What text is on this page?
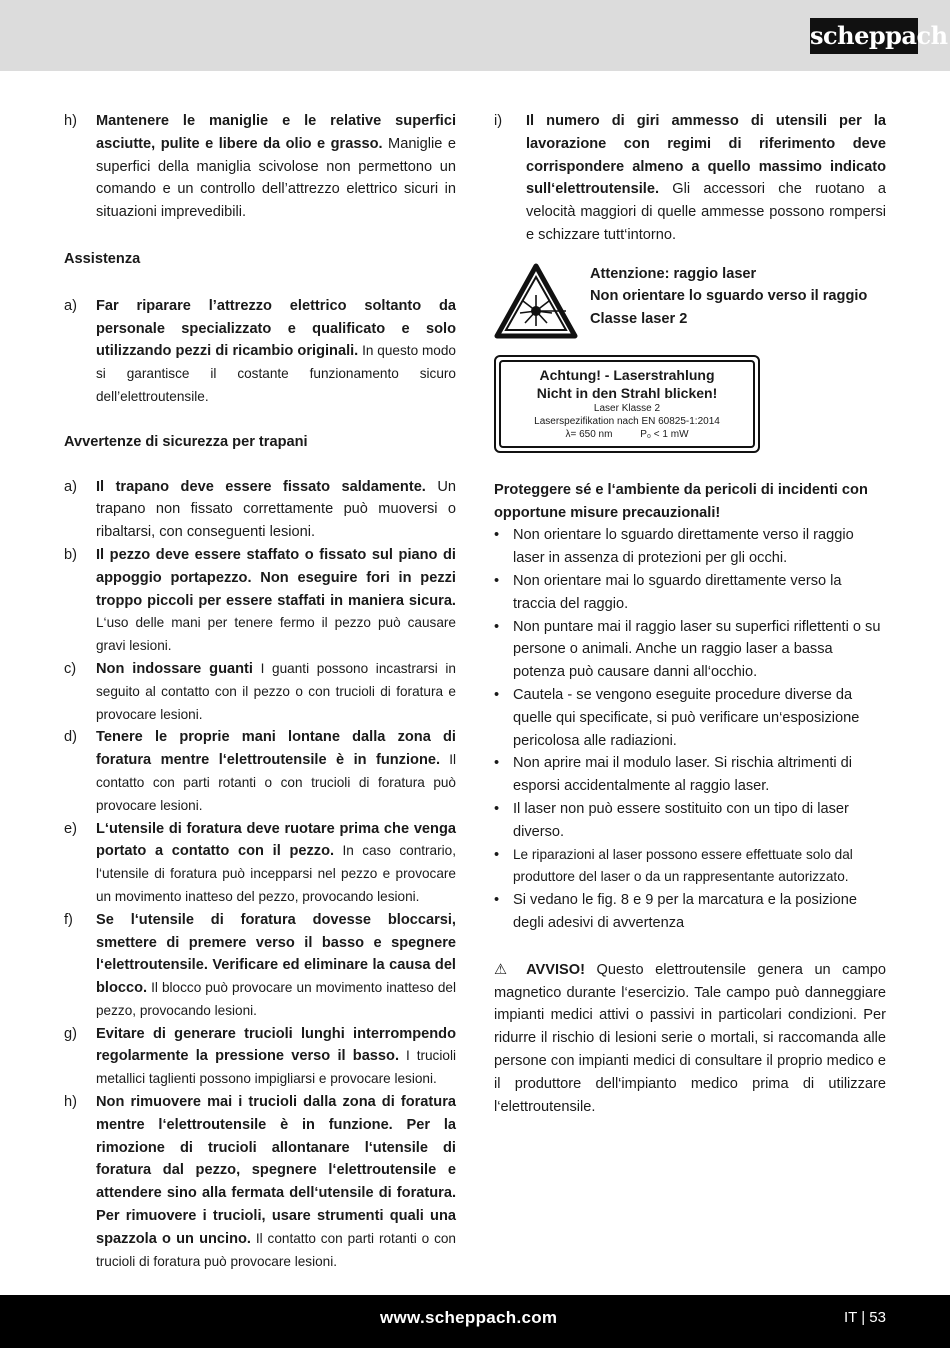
scheppach
h)	Mantenere le maniglie e le relative superfici asciutte, pulite e libere da olio e grasso. Maniglie e superfici della maniglia scivolose non permettono un comando e un controllo dell’attrezzo elettrico sicuri in situazioni imprevedibili.

Assistenza

a)	Far riparare l’attrezzo elettrico soltanto da personale specializzato e qualificato e solo utilizzando pezzi di ricambio originali. In questo modo si garantisce il costante funzionamento sicuro dell’elettroutensile.

Avvertenze di sicurezza per trapani

a)	Il trapano deve essere fissato saldamente. Un trapano non fissato correttamente può muoversi o ribaltarsi, con conseguenti lesioni.
b)	Il pezzo deve essere staffato o fissato sul piano di appoggio portapezzo. Non eseguire fori in pezzi troppo piccoli per essere staffati in maniera sicura. L‘uso delle mani per tenere fermo il pezzo può causare gravi lesioni.
c)	Non indossare guanti I guanti possono incastrarsi in seguito al contatto con il pezzo o con trucioli di foratura e provocare lesioni.
d)	Tenere le proprie mani lontane dalla zona di foratura mentre l‘elettroutensile è in funzione. Il contatto con parti rotanti o con trucioli di foratura può provocare lesioni.
e)	L‘utensile di foratura deve ruotare prima che venga portato a contatto con il pezzo. In caso contrario, l‘utensile di foratura può incepparsi nel pezzo e provocare un movimento inatteso del pezzo, provocando lesioni.
f)	Se l‘utensile di foratura dovesse bloccarsi, smettere di premere verso il basso e spegnere l‘elettroutensile. Verificare ed eliminare la causa del blocco. Il blocco può provocare un movimento inatteso del pezzo, provocando lesioni.
g)	Evitare di generare trucioli lunghi interrompendo regolarmente la pressione verso il basso. I trucioli metallici taglienti possono impigliarsi e provocare lesioni.
h)	Non rimuovere mai i trucioli dalla zona di foratura mentre l‘elettroutensile è in funzione. Per la rimozione di trucioli allontanare l‘utensile di foratura dal pezzo, spegnere l‘elettroutensile e attendere sino alla fermata dell‘utensile di foratura. Per rimuovere i trucioli, usare strumenti quali una spazzola o un uncino. Il contatto con parti rotanti o con trucioli di foratura può provocare lesioni.
i)	Il numero di giri ammesso di utensili per la lavorazione con regimi di riferimento deve corrispondere almeno a quello massimo indicato sull‘elettroutensile. Gli accessori che ruotano a velocità maggiori di quelle ammesse possono rompersi e schizzare tutt‘intorno.
Attenzione: raggio laser
Non orientare lo sguardo verso il raggio
Classe laser 2
Achtung! - Laserstrahlung
Nicht in den Strahl blicken!
Laser Klasse 2
Laserspezifikation nach EN 60825-1:2014
λ= 650 nm          P₀ < 1 mW

Proteggere sé e l‘ambiente da pericoli di incidenti con opportune misure precauzionali!

• Non orientare lo sguardo direttamente verso il raggio laser in assenza di protezioni per gli occhi.
• Non orientare mai lo sguardo direttamente verso la traccia del raggio.
• Non puntare mai il raggio laser su superfici riflettenti o su persone o animali. Anche un raggio laser a bassa potenza può causare danni all‘occhio.
• Cautela - se vengono eseguite procedure diverse da quelle qui specificate, si può verificare un‘esposizione pericolosa alle radiazioni.
• Non aprire mai il modulo laser. Si rischia altrimenti di esporsi accidentalmente al raggio laser.
• Il laser non può essere sostituito con un tipo di laser diverso.
•	Le riparazioni al laser possono essere effettuate solo dal produttore del laser o da un rappresentante autorizzato.
• Si vedano le fig. 8 e 9 per la marcatura e la posizione degli adesivi di avvertenza

⚠ AVVISO! Questo elettroutensile genera un campo magnetico durante l‘esercizio. Tale campo può danneggiare impianti medici attivi o passivi in particolari condizioni. Per ridurre il rischio di lesioni serie o mortali, si raccomanda alle persone con impianti medici di consultare il proprio medico e il produttore dell‘impianto medico prima di utilizzare l‘elettroutensile.

www.scheppach.com	IT | 53
